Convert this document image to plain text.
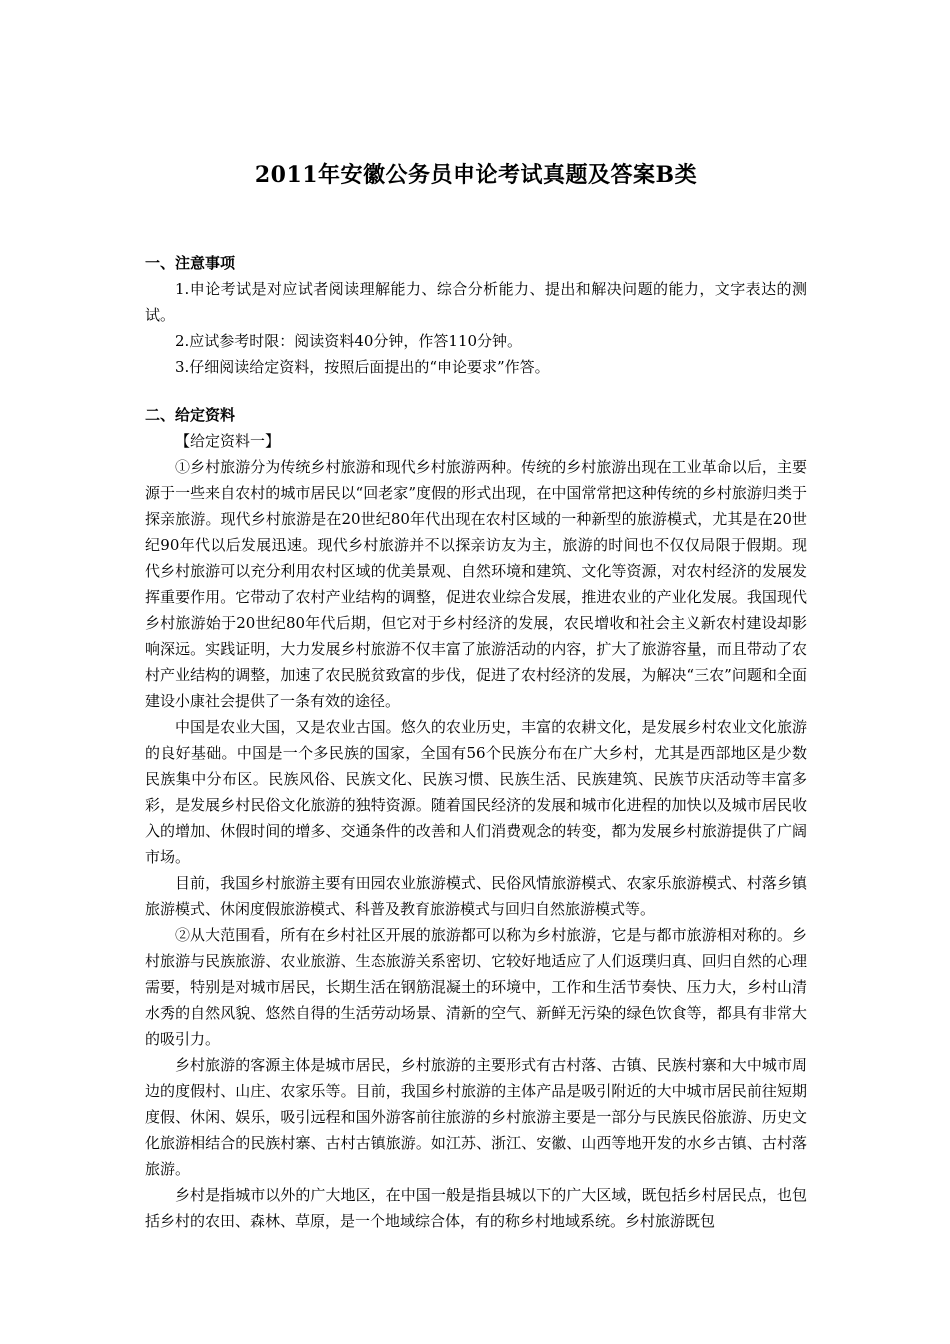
2011年安徽公务员申论考试真题及答案B类

一、注意事项

1.申论考试是对应试者阅读理解能力、综合分析能力、提出和解决问题的能力，文字表达的测试。

2.应试参考时限：阅读资料40分钟，作答110分钟。

3.仔细阅读给定资料，按照后面提出的“申论要求”作答。

二、给定资料

【给定资料一】

①乡村旅游分为传统乡村旅游和现代乡村旅游两种。传统的乡村旅游出现在工业革命以后，主要源于一些来自农村的城市居民以“回老家”度假的形式出现，在中国常常把这种传统的乡村旅游归类于探亲旅游。现代乡村旅游是在20世纪80年代出现在农村区域的一种新型的旅游模式，尤其是在20世纪90年代以后发展迅速。现代乡村旅游并不以探亲访友为主，旅游的时间也不仅仅局限于假期。现代乡村旅游可以充分利用农村区域的优美景观、自然环境和建筑、文化等资源，对农村经济的发展发挥重要作用。它带动了农村产业结构的调整，促进农业综合发展，推进农业的产业化发展。我国现代乡村旅游始于20世纪80年代后期，但它对于乡村经济的发展，农民增收和社会主义新农村建设却影响深远。实践证明，大力发展乡村旅游不仅丰富了旅游活动的内容，扩大了旅游容量，而且带动了农村产业结构的调整，加速了农民脱贫致富的步伐，促进了农村经济的发展，为解决“三农”问题和全面建设小康社会提供了一条有效的途径。

中国是农业大国，又是农业古国。悠久的农业历史，丰富的农耕文化，是发展乡村农业文化旅游的良好基础。中国是一个多民族的国家，全国有56个民族分布在广大乡村，尤其是西部地区是少数民族集中分布区。民族风俗、民族文化、民族习惯、民族生活、民族建筑、民族节庆活动等丰富多彩，是发展乡村民俗文化旅游的独特资源。随着国民经济的发展和城市化进程的加快以及城市居民收入的增加、休假时间的增多、交通条件的改善和人们消费观念的转变，都为发展乡村旅游提供了广阔市场。

目前，我国乡村旅游主要有田园农业旅游模式、民俗风情旅游模式、农家乐旅游模式、村落乡镇旅游模式、休闲度假旅游模式、科普及教育旅游模式与回归自然旅游模式等。

②从大范围看，所有在乡村社区开展的旅游都可以称为乡村旅游，它是与都市旅游相对称的。乡村旅游与民族旅游、农业旅游、生态旅游关系密切、它较好地适应了人们返璞归真、回归自然的心理需要，特别是对城市居民，长期生活在钢筋混凝土的环境中，工作和生活节奏快、压力大，乡村山清水秀的自然风貌、悠然自得的生活劳动场景、清新的空气、新鲜无污染的绿色饮食等，都具有非常大的吸引力。

乡村旅游的客源主体是城市居民，乡村旅游的主要形式有古村落、古镇、民族村寨和大中城市周边的度假村、山庄、农家乐等。目前，我国乡村旅游的主体产品是吸引附近的大中城市居民前往短期度假、休闲、娱乐，吸引远程和国外游客前往旅游的乡村旅游主要是一部分与民族民俗旅游、历史文化旅游相结合的民族村寨、古村古镇旅游。如江苏、浙江、安徽、山西等地开发的水乡古镇、古村落旅游。

乡村是指城市以外的广大地区，在中国一般是指县城以下的广大区域，既包括乡村居民点，也包括乡村的农田、森林、草原，是一个地域综合体，有的称乡村地域系统。乡村旅游既包
